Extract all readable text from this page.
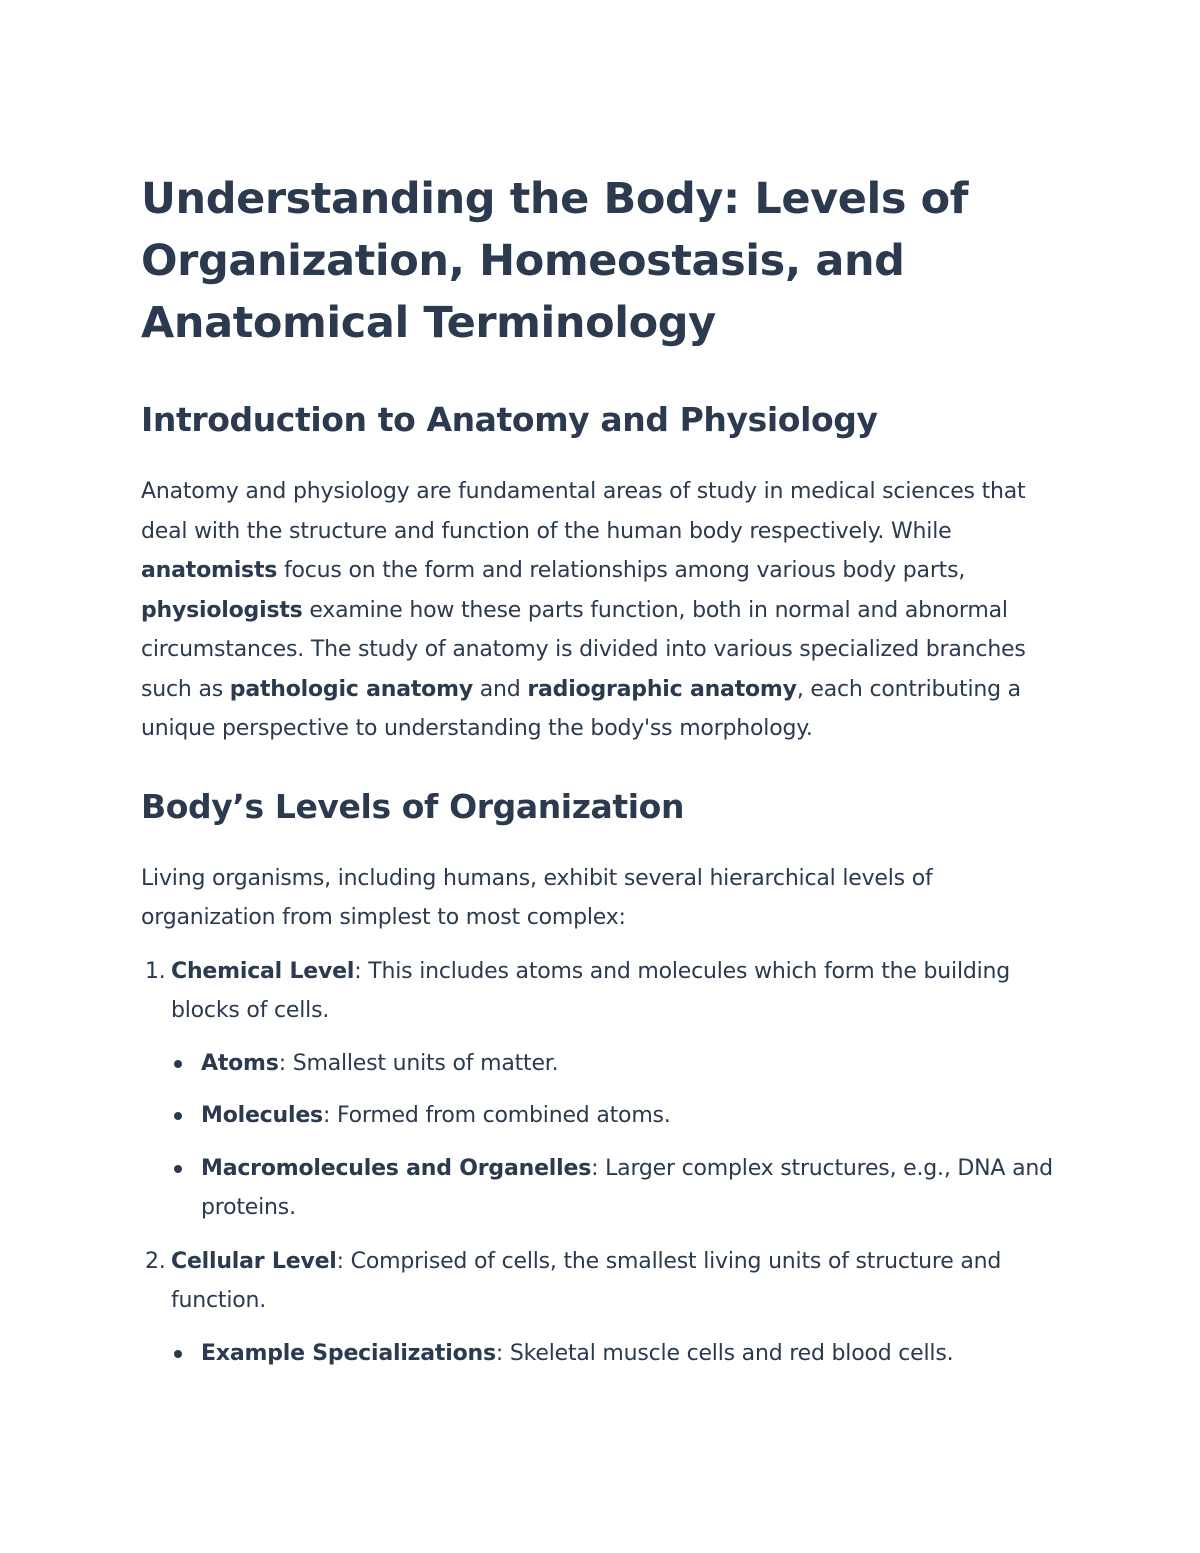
Understanding the Body: Levels of Organization, Homeostasis, and Anatomical Terminology
Introduction to Anatomy and Physiology

Anatomy and physiology are fundamental areas of study in medical sciences that deal with the structure and function of the human body respectively. While anatomists focus on the form and relationships among various body parts, physiologists examine how these parts function, both in normal and abnormal circumstances. The study of anatomy is divided into various specialized branches such as pathologic anatomy and radiographic anatomy, each contributing a unique perspective to understanding the body'ss morphology.

Body’s Levels of Organization

Living organisms, including humans, exhibit several hierarchical levels of organization from simplest to most complex:

1. Chemical Level: This includes atoms and molecules which form the building blocks of cells.
Atoms: Smallest units of matter.
Molecules: Formed from combined atoms.
Macromolecules and Organelles: Larger complex structures, e.g., DNA and proteins.
2. Cellular Level: Comprised of cells, the smallest living units of structure and function.
Example Specializations: Skeletal muscle cells and red blood cells.
